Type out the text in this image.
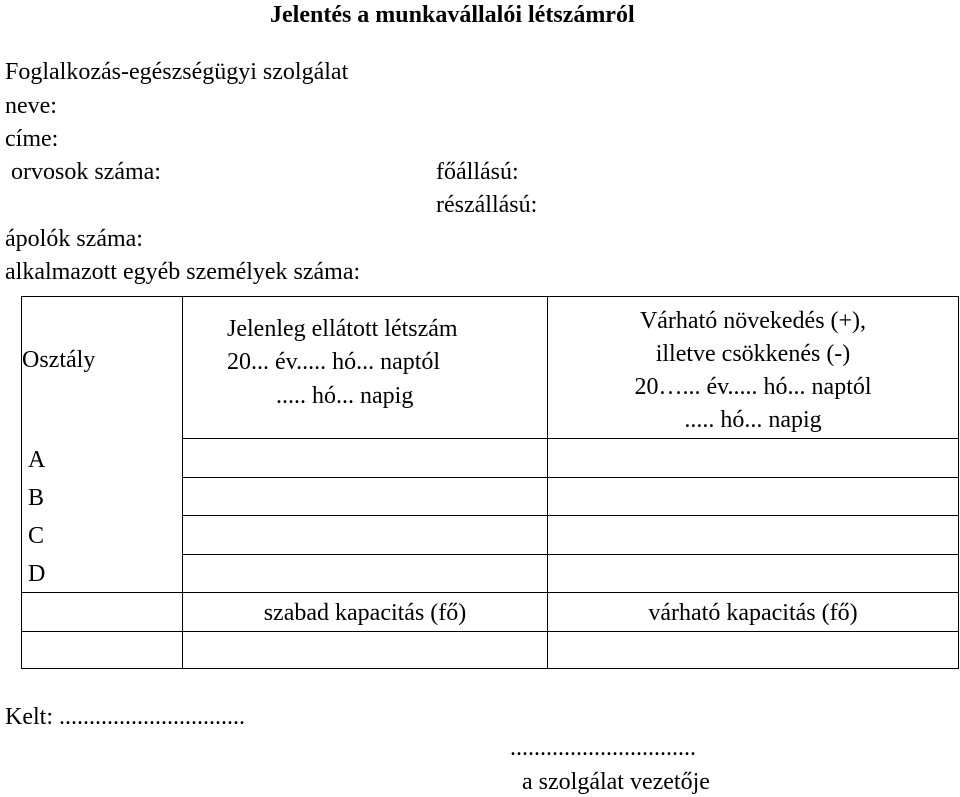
Jelentés a munkavállalói létszámról
Foglalkozás-egészségügyi szolgálat
neve:
címe:
orvosok száma:	főállású:
részállású:
ápolók száma:
alkalmazott egyéb személyek száma:
Osztály
Jelenleg ellátott létszám
20... év..... hó... naptól
..... hó... napig
Várható növekedés (+),
illetve csökkenés (-)
20…... év..... hó... naptól
..... hó... napig
A
B
C
D
szabad kapacitás (fő)	várható kapacitás (fő)
Kelt: ...............................
...............................
a szolgálat vezetője
